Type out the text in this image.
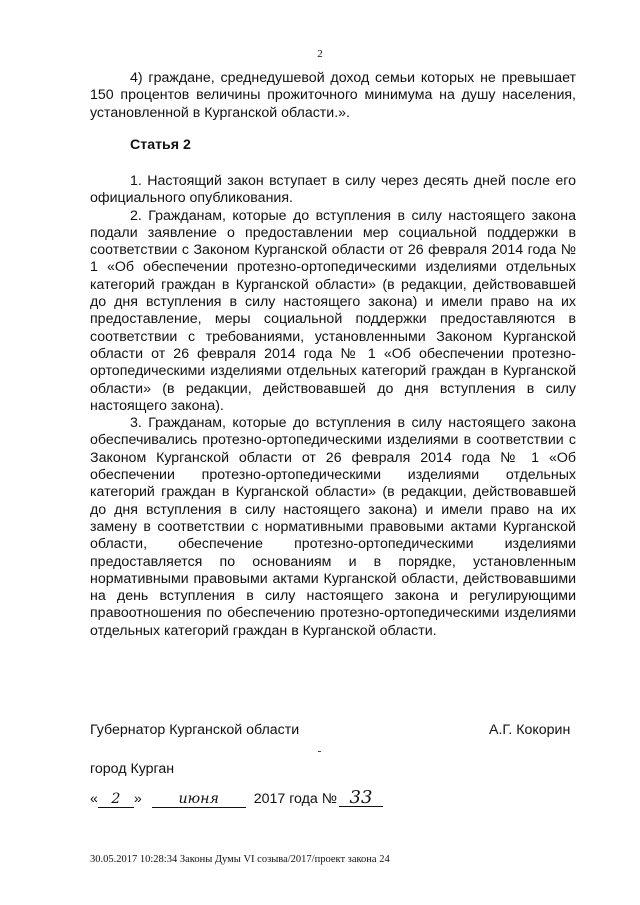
2

4) граждане, среднедушевой доход семьи которых не превышает 150 процентов величины прожиточного минимума на душу населения, установленной в Курганской области.».

Статья 2

1. Настоящий закон вступает в силу через десять дней после его официального опубликования.

2. Гражданам, которые до вступления в силу настоящего закона подали заявление о предоставлении мер социальной поддержки в соответствии с Законом Курганской области от 26 февраля 2014 года № 1 «Об обеспечении протезно-ортопедическими изделиями отдельных категорий граждан в Курганской области» (в редакции, действовавшей до дня вступления в силу настоящего закона) и имели право на их предоставление, меры социальной поддержки предоставляются в соответствии с требованиями, установленными Законом Курганской области от 26 февраля 2014 года № 1 «Об обеспечении протезно-ортопедическими изделиями отдельных категорий граждан в Курганской области» (в редакции, действовавшей до дня вступления в силу настоящего закона).

3. Гражданам, которые до вступления в силу настоящего закона обеспечивались протезно-ортопедическими изделиями в соответствии с Законом Курганской области от 26 февраля 2014 года № 1 «Об обеспечении протезно-ортопедическими изделиями отдельных категорий граждан в Курганской области» (в редакции, действовавшей до дня вступления в силу настоящего закона) и имели право на их замену в соответствии с нормативными правовыми актами Курганской области, обеспечение протезно-ортопедическими изделиями предоставляется по основаниям и в порядке, установленным нормативными правовыми актами Курганской области, действовавшими на день вступления в силу настоящего закона и регулирующими правоотношения по обеспечению протезно-ортопедическими изделиями отдельных категорий граждан в Курганской области.

Губернатор Курганской области	А.Г. Кокорин
город Курган
« 2 »	июня 2017 года № 33
30.05.2017 10:28:34 Законы Думы VI созыва/2017/проект закона 24
